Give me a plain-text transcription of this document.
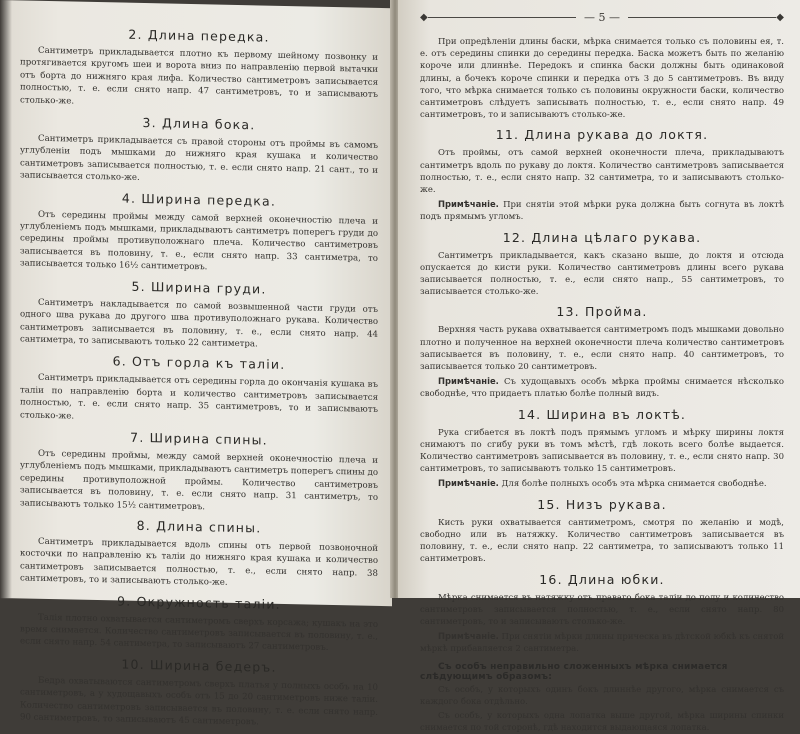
2. Длина передка.

Сантиметръ прикладывается плотно къ первому шейному позвонку и протягивается кругомъ шеи и ворота вниз по направленію первой вытачки отъ борта до нижняго края лифа. Количество сантиметровъ записывается полностью, т. е. если снято напр. 47 сантиметровъ, то и записываютъ столько-же.

3. Длина бока.

Сантиметръ прикладывается съ правой стороны отъ проймы въ самомъ углубленіи подъ мышками до нижняго края кушака и количество сантиметровъ записывается полностью, т. е. если снято напр. 21 сант., то и записывается столько-же.

4. Ширина передка.

Отъ середины проймы между самой верхней оконечностію плеча и углубленіемъ подъ мышками, прикладываютъ сантиметръ поперегъ груди до середины проймы противуположнаго плеча. Количество сантиметровъ записывается въ половину, т. е., если снято напр. 33 сантиметра, то записывается только 16½ сантиметровъ.

5. Ширина груди.

Сантиметръ накладывается по самой возвышенной части груди отъ одного шва рукава до другого шва противуположнаго рукава. Количество сантиметровъ записывается въ половину, т. е., если снято напр. 44 сантиметра, то записываютъ только 22 сантиметра.

6. Отъ горла къ таліи.

Сантиметръ прикладывается отъ середины горла до окончанія кушака въ таліи по направленію борта и количество сантиметровъ записывается полностью, т. е. если снято напр. 35 сантиметровъ, то и записываютъ столько-же.

7. Ширина спины.

Отъ середины проймы, между самой верхней оконечностію плеча и углубленіемъ подъ мышками, прикладываютъ сантиметръ поперегъ спины до середины противуположной проймы. Количество сантиметровъ записывается въ половину, т. е. если снято напр. 31 сантиметръ, то записываютъ только 15½ сантиметровъ.

8. Длина спины.

Сантиметръ прикладывается вдоль спины отъ первой позвоночной косточки по направленію къ таліи до нижняго края кушака и количество сантиметровъ записывается полностью, т. е., если снято напр. 38 сантиметровъ, то и записываютъ столько-же.

9. Окружность таліи.

Талія плотно охватывается сантиметромъ сверхъ корсажа; кушакъ на это время снимается. Количество сантиметровъ записывается въ половину, т. е., если снято напр. 54 сантиметра, то записываютъ 27 сантиметровъ.

10. Ширина бедеръ.

Бедра охватываются сантиметромъ сверхъ платья у полныхъ особъ на 10 сантиметровъ, а у худощавыхъ особъ отъ 15 до 20 сантиметровъ ниже таліи. Количество сантиметровъ записывается въ половину, т. е. если снято напр. 90 сантиметровъ, то записываютъ 45 сантиметровъ.

◆	— 5 —	◆

При опредѣленіи длины баски, мѣрка снимается только съ половины ея, т. е. отъ середины спинки до середины передка. Баска можетъ быть по желанію короче или длиннѣе. Передокъ и спинка баски должны быть одинаковой длины, а бочекъ короче спинки и передка отъ 3 до 5 сантиметровъ. Въ виду того, что мѣрка снимается только съ половины окружности баски, количество сантиметровъ слѣдуетъ записывать полностью, т. е., если снято напр. 49 сантиметровъ, то и записываютъ столько-же.

11. Длина рукава до локтя.

Отъ проймы, отъ самой верхней оконечности плеча, прикладываютъ сантиметръ вдоль по рукаву до локтя. Количество сантиметровъ записывается полностью, т. е., если снято напр. 32 сантиметра, то и записываютъ столько-же.

Примѣчаніе. При снятіи этой мѣрки рука должна быть согнута въ локтѣ подъ прямымъ угломъ.

12. Длина цѣлаго рукава.

Сантиметръ прикладывается, какъ сказано выше, до локтя и отсюда опускается до кисти руки. Количество сантиметровъ длины всего рукава записывается полностью, т. е., если снято напр., 55 сантиметровъ, то записывается столько-же.

13. Пройма.

Верхняя часть рукава охватывается сантиметромъ подъ мышками довольно плотно и полученное на верхней оконечности плеча количество сантиметровъ записывается въ половину, т. е., если снято напр. 40 сантиметровъ, то записывается только 20 сантиметровъ.

Примѣчаніе. Съ худощавыхъ особъ мѣрка проймы снимается нѣсколько свободнѣе, что придаетъ платью болѣе полный видъ.

14. Ширина въ локтѣ.

Рука сгибается въ локтѣ подъ прямымъ угломъ и мѣрку ширины локтя снимаютъ по сгибу руки въ томъ мѣстѣ, гдѣ локоть всего болѣе выдается. Количество сантиметровъ записывается въ половину, т. е., если снято напр. 30 сантиметровъ, то записываютъ только 15 сантиметровъ.

Примѣчаніе. Для болѣе полныхъ особъ эта мѣрка снимается свободнѣе.

15. Низъ рукава.

Кисть руки охватывается сантиметромъ, смотря по желанію и модѣ, свободно или въ натяжку. Количество сантиметровъ записывается въ половину, т. е., если снято напр. 22 сантиметра, то записываютъ только 11 сантиметровъ.

16. Длина юбки.

Мѣрка снимается въ натяжку отъ праваго бока таліи до полу и количество сантиметровъ записывается полностью, т. е., если снято напр. 80 сантиметровъ, то и записываютъ столько-же.

Примѣчаніе. При снятіи мѣрки длины прическа въ дѣтской юбкѣ къ снятой мѣркѣ прибавляется 2 сантиметра.

Съ особъ неправильно сложенныхъ мѣрка снимается слѣдующимъ образомъ:

Съ особъ, у которыхъ одинъ бокъ длиннѣе другого, мѣрка снимается съ каждого бока отдѣльно.

Съ особъ, у которыхъ одна лопатка выше другой, мѣрка ширины спинки снимается по той сторонѣ, гдѣ находится выдающаяся лопатка.
